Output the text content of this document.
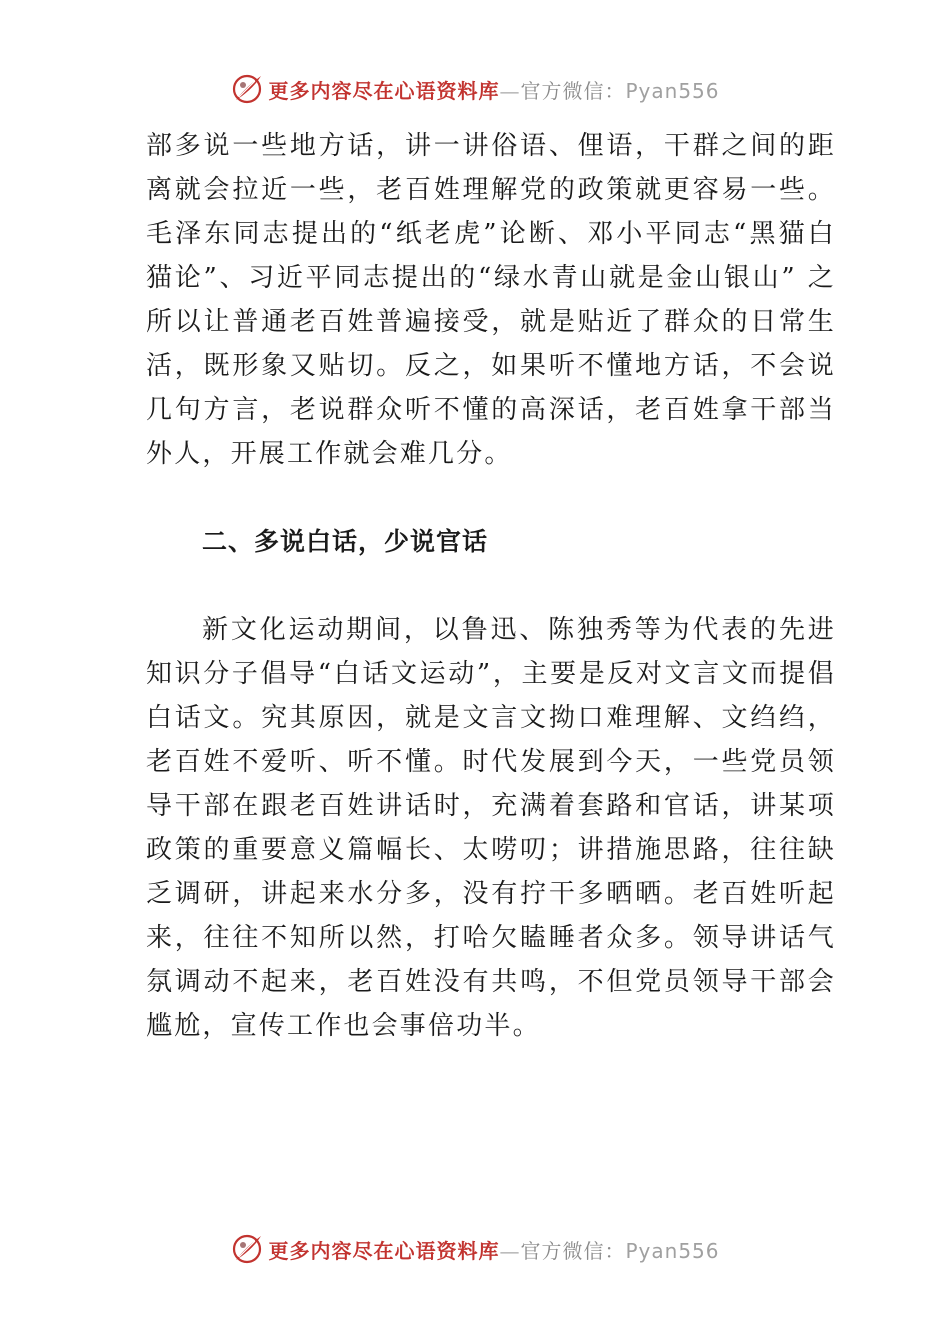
更多内容尽在心语资料库—官方微信：Pyan556

部多说一些地方话，讲一讲俗语、俚语，干群之间的距离就会拉近一些，老百姓理解党的政策就更容易一些。毛泽东同志提出的“纸老虎”论断、邓小平同志“黑猫白猫论”、习近平同志提出的“绿水青山就是金山银山” 之所以让普通老百姓普遍接受，就是贴近了群众的日常生活，既形象又贴切。反之，如果听不懂地方话，不会说几句方言，老说群众听不懂的高深话，老百姓拿干部当外人，开展工作就会难几分。

二、多说白话，少说官话

新文化运动期间，以鲁迅、陈独秀等为代表的先进知识分子倡导“白话文运动”，主要是反对文言文而提倡白话文。究其原因，就是文言文拗口难理解、文绉绉，老百姓不爱听、听不懂。时代发展到今天，一些党员领导干部在跟老百姓讲话时，充满着套路和官话，讲某项政策的重要意义篇幅长、太唠叨；讲措施思路，往往缺乏调研，讲起来水分多，没有拧干多晒晒。老百姓听起来，往往不知所以然，打哈欠瞌睡者众多。领导讲话气氛调动不起来，老百姓没有共鸣，不但党员领导干部会尴尬，宣传工作也会事倍功半。

更多内容尽在心语资料库—官方微信：Pyan556
